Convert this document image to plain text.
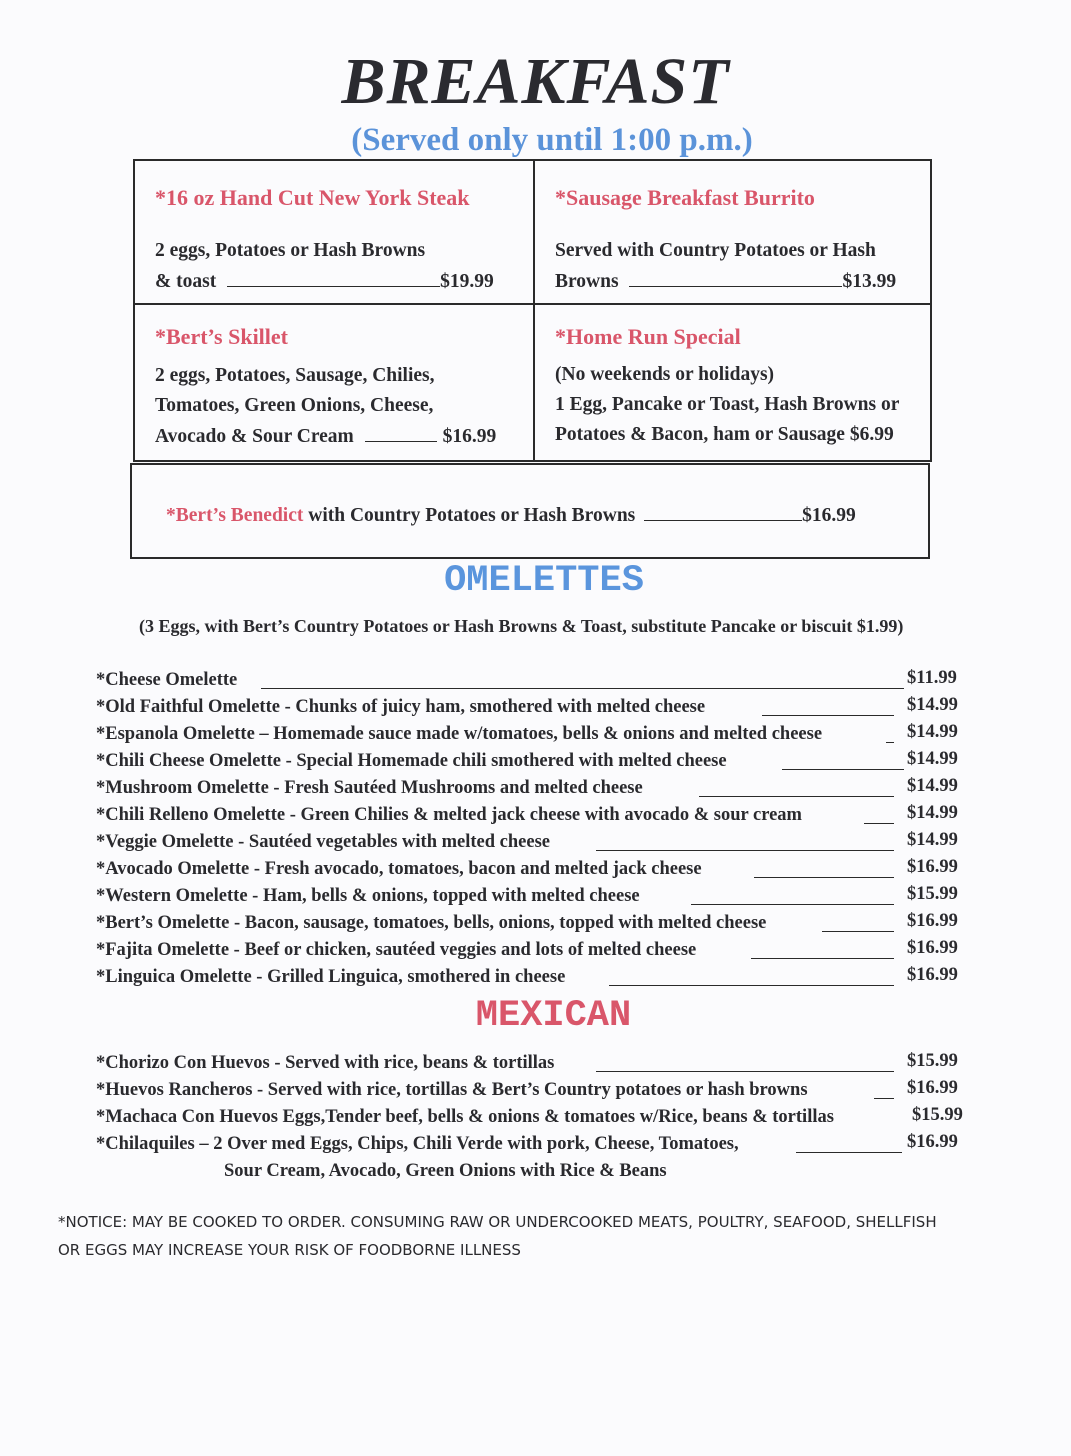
BREAKFAST
(Served only until 1:00 p.m.)
*16 oz Hand Cut New York Steak
2 eggs, Potatoes or Hash Browns
& toast	$19.99
*Sausage Breakfast Burrito
Served with Country Potatoes or Hash
Browns	$13.99
*Bert’s Skillet
2 eggs, Potatoes, Sausage, Chilies,
Tomatoes, Green Onions, Cheese,
Avocado & Sour Cream	$16.99
*Home Run Special
(No weekends or holidays)
1 Egg, Pancake or Toast, Hash Browns or
Potatoes & Bacon, ham or Sausage $6.99
*Bert’s Benedict with Country Potatoes or Hash Browns	$16.99
OMELETTES
(3 Eggs, with Bert’s Country Potatoes or Hash Browns & Toast, substitute Pancake or biscuit $1.99)
*Cheese Omelette	$11.99
*Old Faithful Omelette - Chunks of juicy ham, smothered with melted cheese	$14.99
*Espanola Omelette – Homemade sauce made w/tomatoes, bells & onions and melted cheese	$14.99
*Chili Cheese Omelette - Special Homemade chili smothered with melted cheese	$14.99
*Mushroom Omelette - Fresh Sautéed Mushrooms and melted cheese	$14.99
*Chili Relleno Omelette - Green Chilies & melted jack cheese with avocado & sour cream	$14.99
*Veggie Omelette - Sautéed vegetables with melted cheese	$14.99
*Avocado Omelette - Fresh avocado, tomatoes, bacon and melted jack cheese	$16.99
*Western Omelette - Ham, bells & onions, topped with melted cheese	$15.99
*Bert’s Omelette - Bacon, sausage, tomatoes, bells, onions, topped with melted cheese	$16.99
*Fajita Omelette - Beef or chicken, sautéed veggies and lots of melted cheese	$16.99
*Linguica Omelette - Grilled Linguica, smothered in cheese	$16.99
MEXICAN
*Chorizo Con Huevos - Served with rice, beans & tortillas	$15.99
*Huevos Rancheros - Served with rice, tortillas & Bert’s Country potatoes or hash browns	$16.99
*Machaca Con Huevos Eggs,Tender beef, bells & onions & tomatoes w/Rice, beans & tortillas	$15.99
*Chilaquiles – 2 Over med Eggs, Chips, Chili Verde with pork, Cheese, Tomatoes,	$16.99
Sour Cream, Avocado, Green Onions with Rice & Beans
*NOTICE: MAY BE COOKED TO ORDER. CONSUMING RAW OR UNDERCOOKED MEATS, POULTRY, SEAFOOD, SHELLFISH
OR EGGS MAY INCREASE YOUR RISK OF FOODBORNE ILLNESS
